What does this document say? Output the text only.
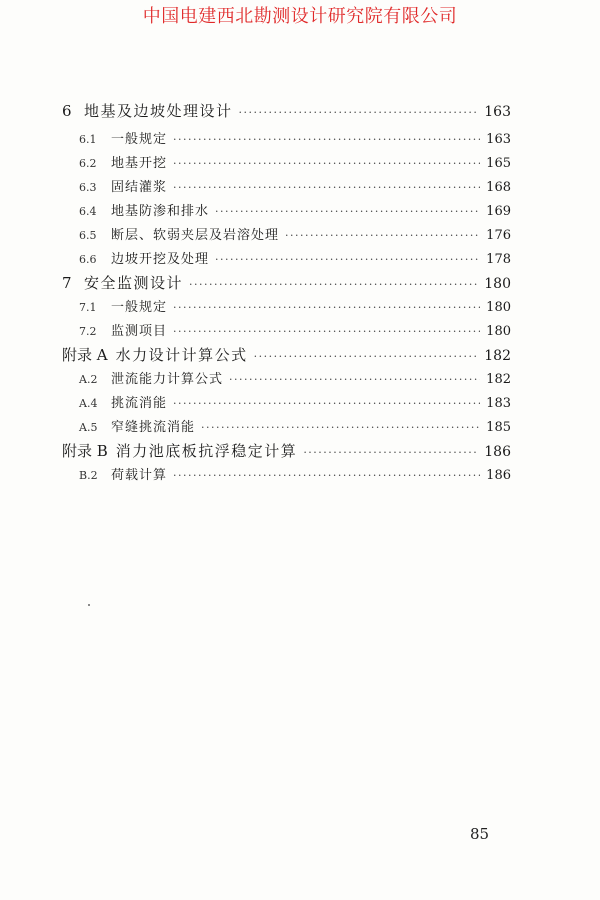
中国电建西北勘测设计研究院有限公司
6 地基及边坡处理设计 ·····	163
6.1	一般规定 ·····	163
6.2	地基开挖 ·····	165
6.3	固结灌浆 ·····	168
6.4	地基防渗和排水 ·····	169
6.5	断层、软弱夹层及岩溶处理 ·····	176
6.6	边坡开挖及处理 ·····	178
7 安全监测设计 ·····	180
7.1	一般规定 ·····	180
7.2	监测项目 ·····	180
附录 A 水力设计计算公式 ·····	182
A.2	泄流能力计算公式 ·····	182
A.4	挑流消能 ·····	183
A.5	窄缝挑流消能 ·····	185
附录 B 消力池底板抗浮稳定计算 ·····	186
B.2	荷载计算 ·····	186
85
